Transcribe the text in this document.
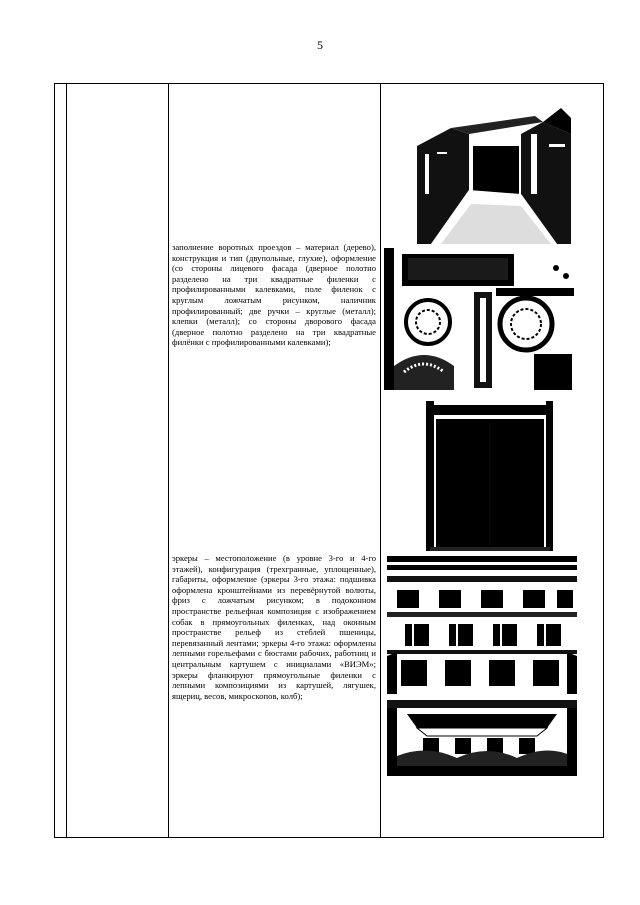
5
заполнение воротных проездов – материал (дерево), конструкция и тип (двупольные, глухие), оформление (со стороны лицевого фасада (дверное полотно разделено на три квадратные филенки с профилированными калевками, поле филенок с круглым ложчатым рисунком, наличник профилированный; две ручки – круглые (металл); клепки (металл); со стороны дворового фасада (дверное полотно разделено на три квадратные филёнки с профилированными калевками);
эркеры – местоположение (в уровне 3-го и 4-го этажей), конфигурация (трехгранные, уплощенные), габариты, оформление (эркеры 3-го этажа: подшивка оформлена кронштейнами из перевёрнутой волюты, фриз с ложчатым рисунком; в подоконном пространстве рельефная композиция с изображением собак в прямоугольных филенках, над оконным пространстве рельеф из стеблей пшеницы, перевязанный лентами; эркеры 4-го этажа: оформлены лепными горельефами с бюстами рабочих, работниц и центральным картушем с инициалами «ВИЭМ»; эркеры фланкируют прямоугольные филенки с лепными композициями из картушей, лягушек, ящериц, весов, микроскопов, колб);
